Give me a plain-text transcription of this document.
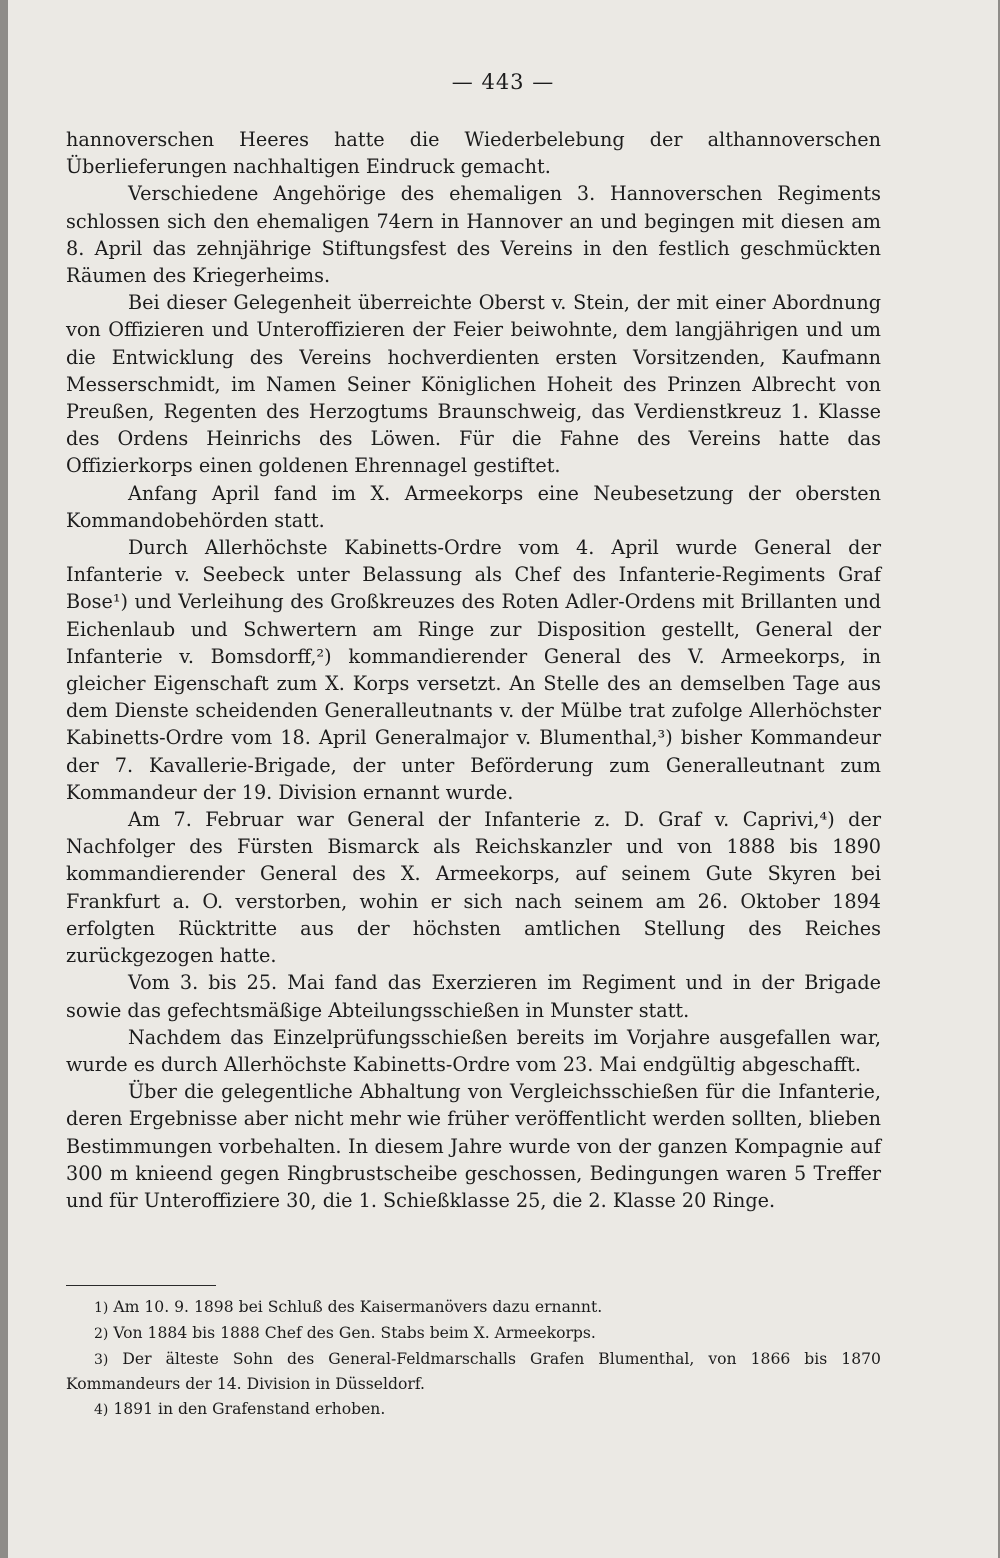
— 443 —

hannoverschen Heeres hatte die Wiederbelebung der althannoverschen Überlieferungen nachhaltigen Eindruck gemacht.

Verschiedene Angehörige des ehemaligen 3. Hannoverschen Regiments schlossen sich den ehemaligen 74ern in Hannover an und begingen mit diesen am 8. April das zehnjährige Stiftungsfest des Vereins in den festlich geschmückten Räumen des Kriegerheims.

Bei dieser Gelegenheit überreichte Oberst v. Stein, der mit einer Abordnung von Offizieren und Unteroffizieren der Feier beiwohnte, dem langjährigen und um die Entwicklung des Vereins hochverdienten ersten Vorsitzenden, Kaufmann Messerschmidt, im Namen Seiner Königlichen Hoheit des Prinzen Albrecht von Preußen, Regenten des Herzogtums Braunschweig, das Verdienstkreuz 1. Klasse des Ordens Heinrichs des Löwen. Für die Fahne des Vereins hatte das Offizierkorps einen goldenen Ehrennagel gestiftet.

Anfang April fand im X. Armeekorps eine Neubesetzung der obersten Kommandobehörden statt.

Durch Allerhöchste Kabinetts-Ordre vom 4. April wurde General der Infanterie v. Seebeck unter Belassung als Chef des Infanterie-Regiments Graf Bose¹) und Verleihung des Großkreuzes des Roten Adler-Ordens mit Brillanten und Eichenlaub und Schwertern am Ringe zur Disposition gestellt, General der Infanterie v. Bomsdorff,²) kommandierender General des V. Armeekorps, in gleicher Eigenschaft zum X. Korps versetzt. An Stelle des an demselben Tage aus dem Dienste scheidenden Generalleutnants v. der Mülbe trat zufolge Allerhöchster Kabinetts-Ordre vom 18. April Generalmajor v. Blumenthal,³) bisher Kommandeur der 7. Kavallerie-Brigade, der unter Beförderung zum Generalleutnant zum Kommandeur der 19. Division ernannt wurde.

Am 7. Februar war General der Infanterie z. D. Graf v. Caprivi,⁴) der Nachfolger des Fürsten Bismarck als Reichskanzler und von 1888 bis 1890 kommandierender General des X. Armeekorps, auf seinem Gute Skyren bei Frankfurt a. O. verstorben, wohin er sich nach seinem am 26. Oktober 1894 erfolgten Rücktritte aus der höchsten amtlichen Stellung des Reiches zurückgezogen hatte.

Vom 3. bis 25. Mai fand das Exerzieren im Regiment und in der Brigade sowie das gefechtsmäßige Abteilungsschießen in Munster statt.

Nachdem das Einzelprüfungsschießen bereits im Vorjahre ausgefallen war, wurde es durch Allerhöchste Kabinetts-Ordre vom 23. Mai endgültig abgeschafft.

Über die gelegentliche Abhaltung von Vergleichsschießen für die Infanterie, deren Ergebnisse aber nicht mehr wie früher veröffentlicht werden sollten, blieben Bestimmungen vorbehalten. In diesem Jahre wurde von der ganzen Kompagnie auf 300 m knieend gegen Ringbrustscheibe geschossen, Bedingungen waren 5 Treffer und für Unteroffiziere 30, die 1. Schießklasse 25, die 2. Klasse 20 Ringe.

1) Am 10. 9. 1898 bei Schluß des Kaisermanövers dazu ernannt.

2) Von 1884 bis 1888 Chef des Gen. Stabs beim X. Armeekorps.

3) Der älteste Sohn des General-Feldmarschalls Grafen Blumenthal, von 1866 bis 1870 Kommandeurs der 14. Division in Düsseldorf.

4) 1891 in den Grafenstand erhoben.
